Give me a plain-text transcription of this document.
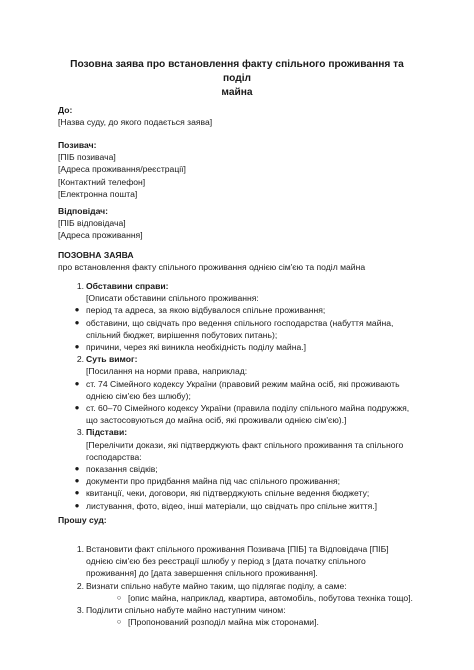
Позовна заява про встановлення факту спільного проживання та поділ
майна
До:
[Назва суду, до якого подається заява]
Позивач:
[ПІБ позивача]
[Адреса проживання/реєстрації]
[Контактний телефон]
[Електронна пошта]
Відповідач:
[ПІБ відповідача]
[Адреса проживання]
ПОЗОВНА ЗАЯВА
про встановлення факту спільного проживання однією сім'єю та поділ майна
1. Обставини справи:
[Описати обставини спільного проживання:
● період та адреса, за якою відбувалося спільне проживання;
● обставини, що свідчать про ведення спільного господарства (набуття майна,
спільний бюджет, вирішення побутових питань);
● причини, через які виникла необхідність поділу майна.]
2. Суть вимог:
[Посилання на норми права, наприклад:
● ст. 74 Сімейного кодексу України (правовий режим майна осіб, які проживають
однією сім'єю без шлюбу);
● ст. 60–70 Сімейного кодексу України (правила поділу спільного майна подружжя,
що застосовуються до майна осіб, які проживали однією сім'єю).]
3. Підстави:
[Перелічити докази, які підтверджують факт спільного проживання та спільного
господарства:
● показання свідків;
● документи про придбання майна під час спільного проживання;
● квитанції, чеки, договори, які підтверджують спільне ведення бюджету;
● листування, фото, відео, інші матеріали, що свідчать про спільне життя.]
Прошу суд:
1. Встановити факт спільного проживання Позивача [ПІБ] та Відповідача [ПІБ]
однією сім'єю без реєстрації шлюбу у період з [дата початку спільного
проживання] до [дата завершення спільного проживання].
2. Визнати спільно набуте майно таким, що підлягає поділу, а саме:
○ [опис майна, наприклад, квартира, автомобіль, побутова техніка тощо].
3. Поділити спільно набуте майно наступним чином:
○ [Пропонований розподіл майна між сторонами].
